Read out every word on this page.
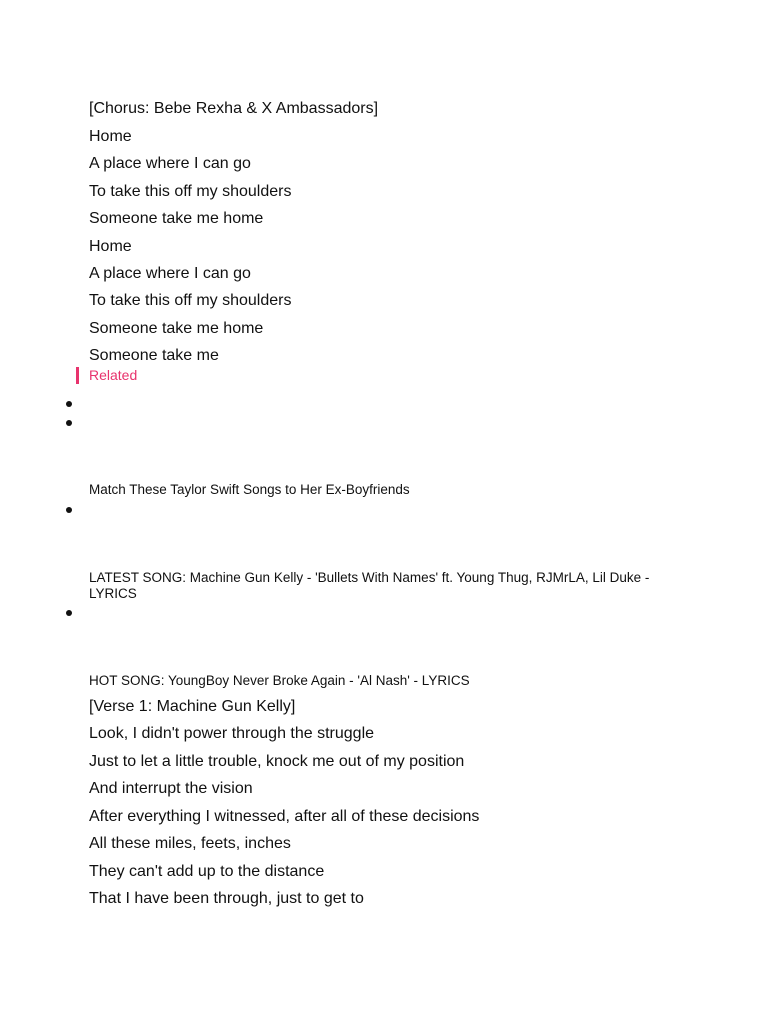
[Chorus: Bebe Rexha & X Ambassadors]
Home
A place where I can go
To take this off my shoulders
Someone take me home
Home
A place where I can go
To take this off my shoulders
Someone take me home
Someone take me
Related
Match These Taylor Swift Songs to Her Ex-Boyfriends
LATEST SONG: Machine Gun Kelly - 'Bullets With Names' ft. Young Thug, RJMrLA, Lil Duke - LYRICS
HOT SONG: YoungBoy Never Broke Again - 'Al Nash' - LYRICS
[Verse 1: Machine Gun Kelly]
Look, I didn't power through the struggle
Just to let a little trouble, knock me out of my position
And interrupt the vision
After everything I witnessed, after all of these decisions
All these miles, feets, inches
They can't add up to the distance
That I have been through, just to get to
